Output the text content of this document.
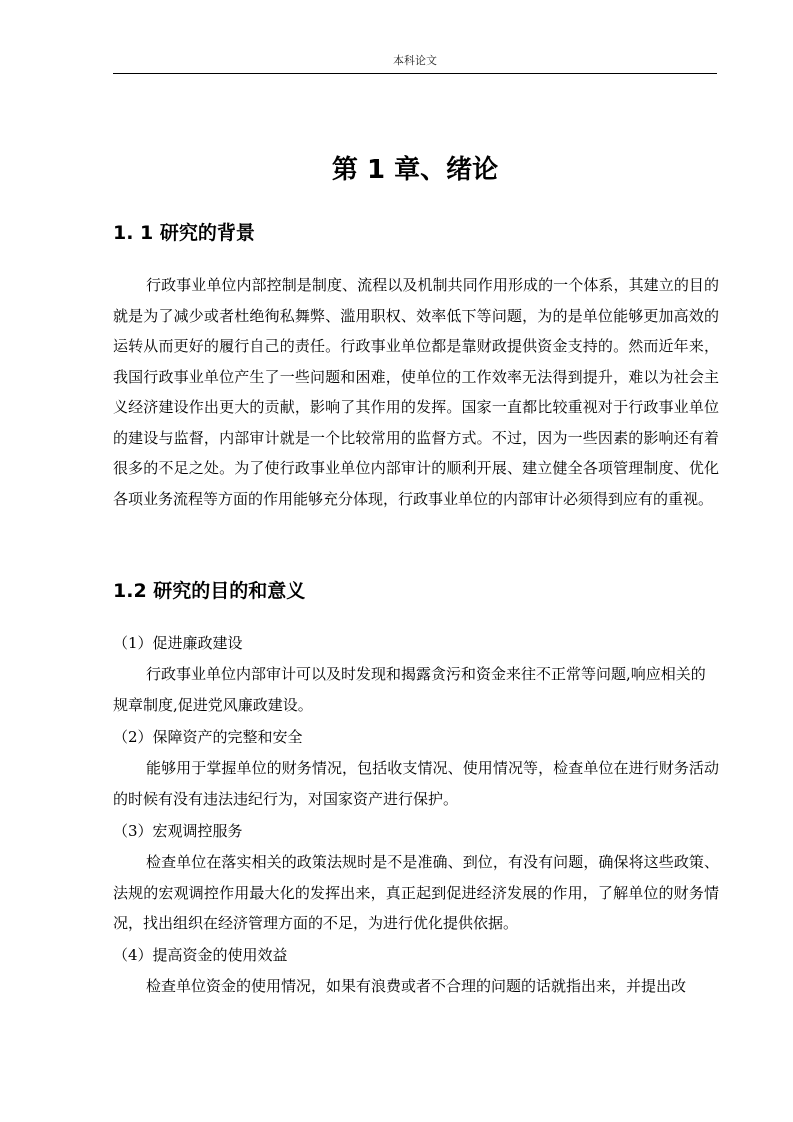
本科论文
第 1 章、绪论
1. 1 研究的背景

行政事业单位内部控制是制度、流程以及机制共同作用形成的一个体系，其建立的目的就是为了减少或者杜绝徇私舞弊、滥用职权、效率低下等问题，为的是单位能够更加高效的运转从而更好的履行自己的责任。行政事业单位都是靠财政提供资金支持的。然而近年来，我国行政事业单位产生了一些问题和困难，使单位的工作效率无法得到提升，难以为社会主义经济建设作出更大的贡献，影响了其作用的发挥。国家一直都比较重视对于行政事业单位的建设与监督，内部审计就是一个比较常用的监督方式。不过，因为一些因素的影响还有着很多的不足之处。为了使行政事业单位内部审计的顺利开展、建立健全各项管理制度、优化各项业务流程等方面的作用能够充分体现，行政事业单位的内部审计必须得到应有的重视。

1.2 研究的目的和意义
（1）促进廉政建设

行政事业单位内部审计可以及时发现和揭露贪污和资金来往不正常等问题,响应相关的规章制度,促进党风廉政建设。

（2）保障资产的完整和安全

能够用于掌握单位的财务情况，包括收支情况、使用情况等，检查单位在进行财务活动的时候有没有违法违纪行为，对国家资产进行保护。

（3）宏观调控服务

检查单位在落实相关的政策法规时是不是准确、到位，有没有问题，确保将这些政策、法规的宏观调控作用最大化的发挥出来，真正起到促进经济发展的作用，了解单位的财务情况，找出组织在经济管理方面的不足，为进行优化提供依据。

（4）提高资金的使用效益

检查单位资金的使用情况，如果有浪费或者不合理的问题的话就指出来，并提出改
